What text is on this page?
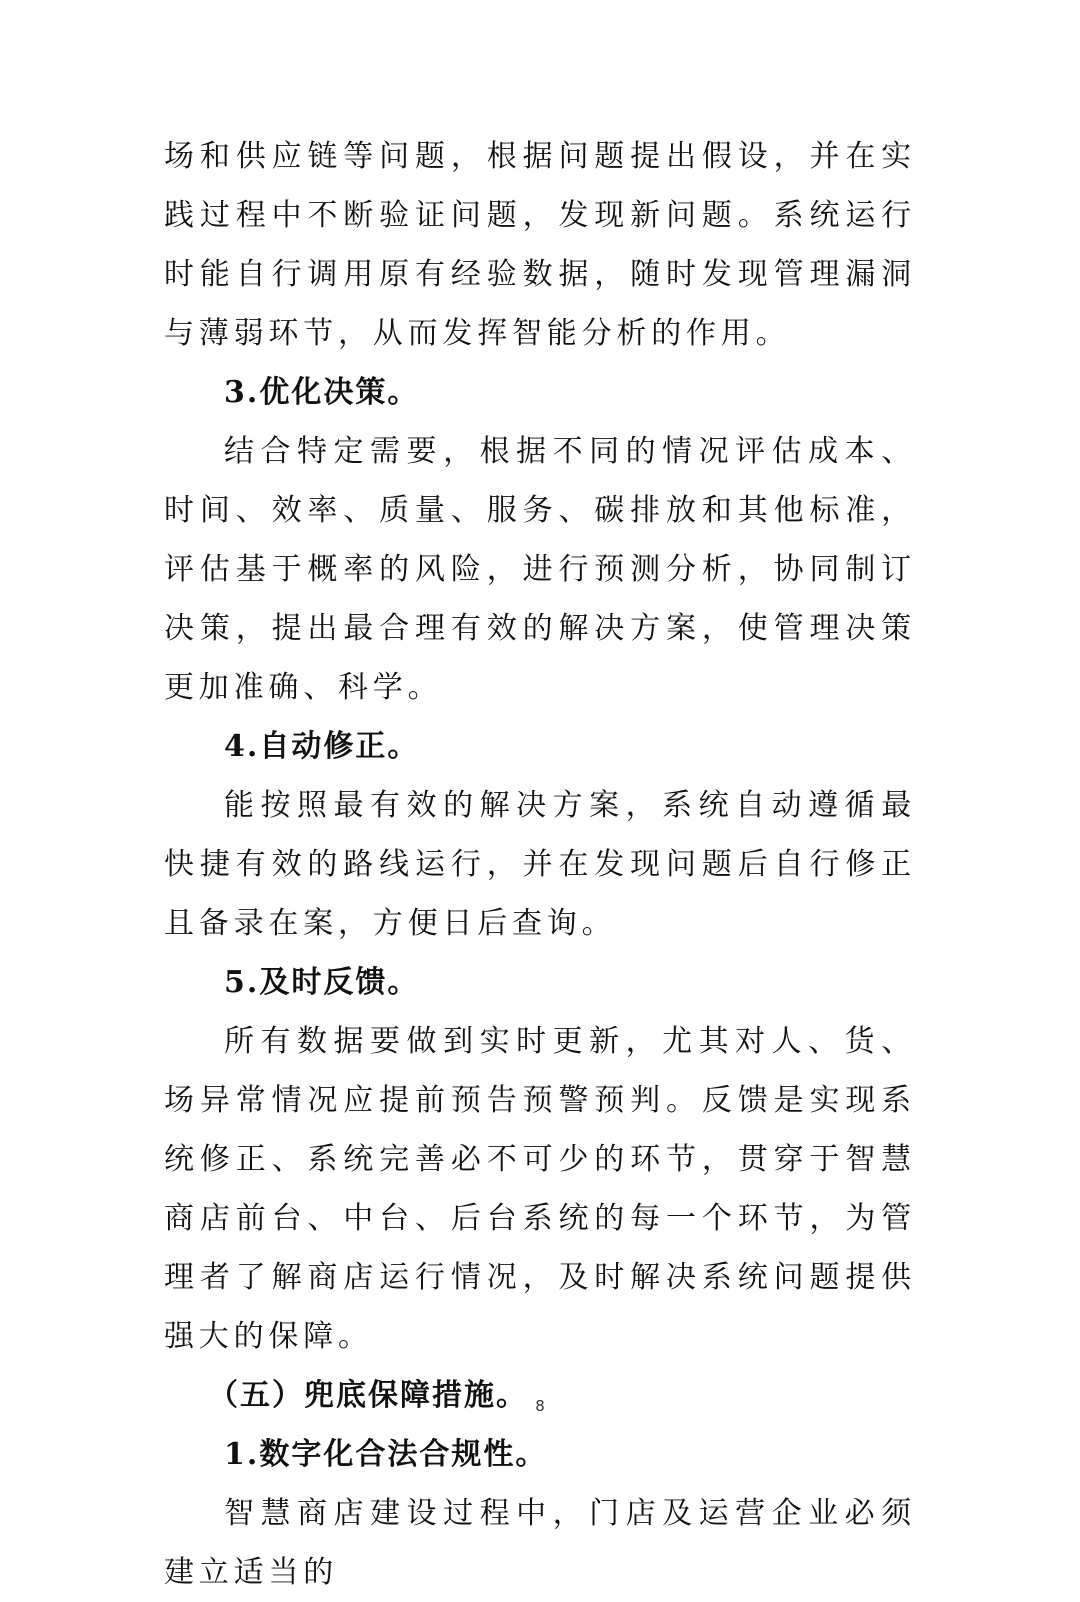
场和供应链等问题，根据问题提出假设，并在实践过程中不断验证问题，发现新问题。系统运行时能自行调用原有经验数据，随时发现管理漏洞与薄弱环节，从而发挥智能分析的作用。

3.优化决策。

结合特定需要，根据不同的情况评估成本、时间、效率、质量、服务、碳排放和其他标准，评估基于概率的风险，进行预测分析，协同制订决策，提出最合理有效的解决方案，使管理决策更加准确、科学。

4.自动修正。

能按照最有效的解决方案，系统自动遵循最快捷有效的路线运行，并在发现问题后自行修正且备录在案，方便日后查询。

5.及时反馈。

所有数据要做到实时更新，尤其对人、货、场异常情况应提前预告预警预判。反馈是实现系统修正、系统完善必不可少的环节，贯穿于智慧商店前台、中台、后台系统的每一个环节，为管理者了解商店运行情况，及时解决系统问题提供强大的保障。

（五）兜底保障措施。

1.数字化合法合规性。

智慧商店建设过程中，门店及运营企业必须建立适当的

8
